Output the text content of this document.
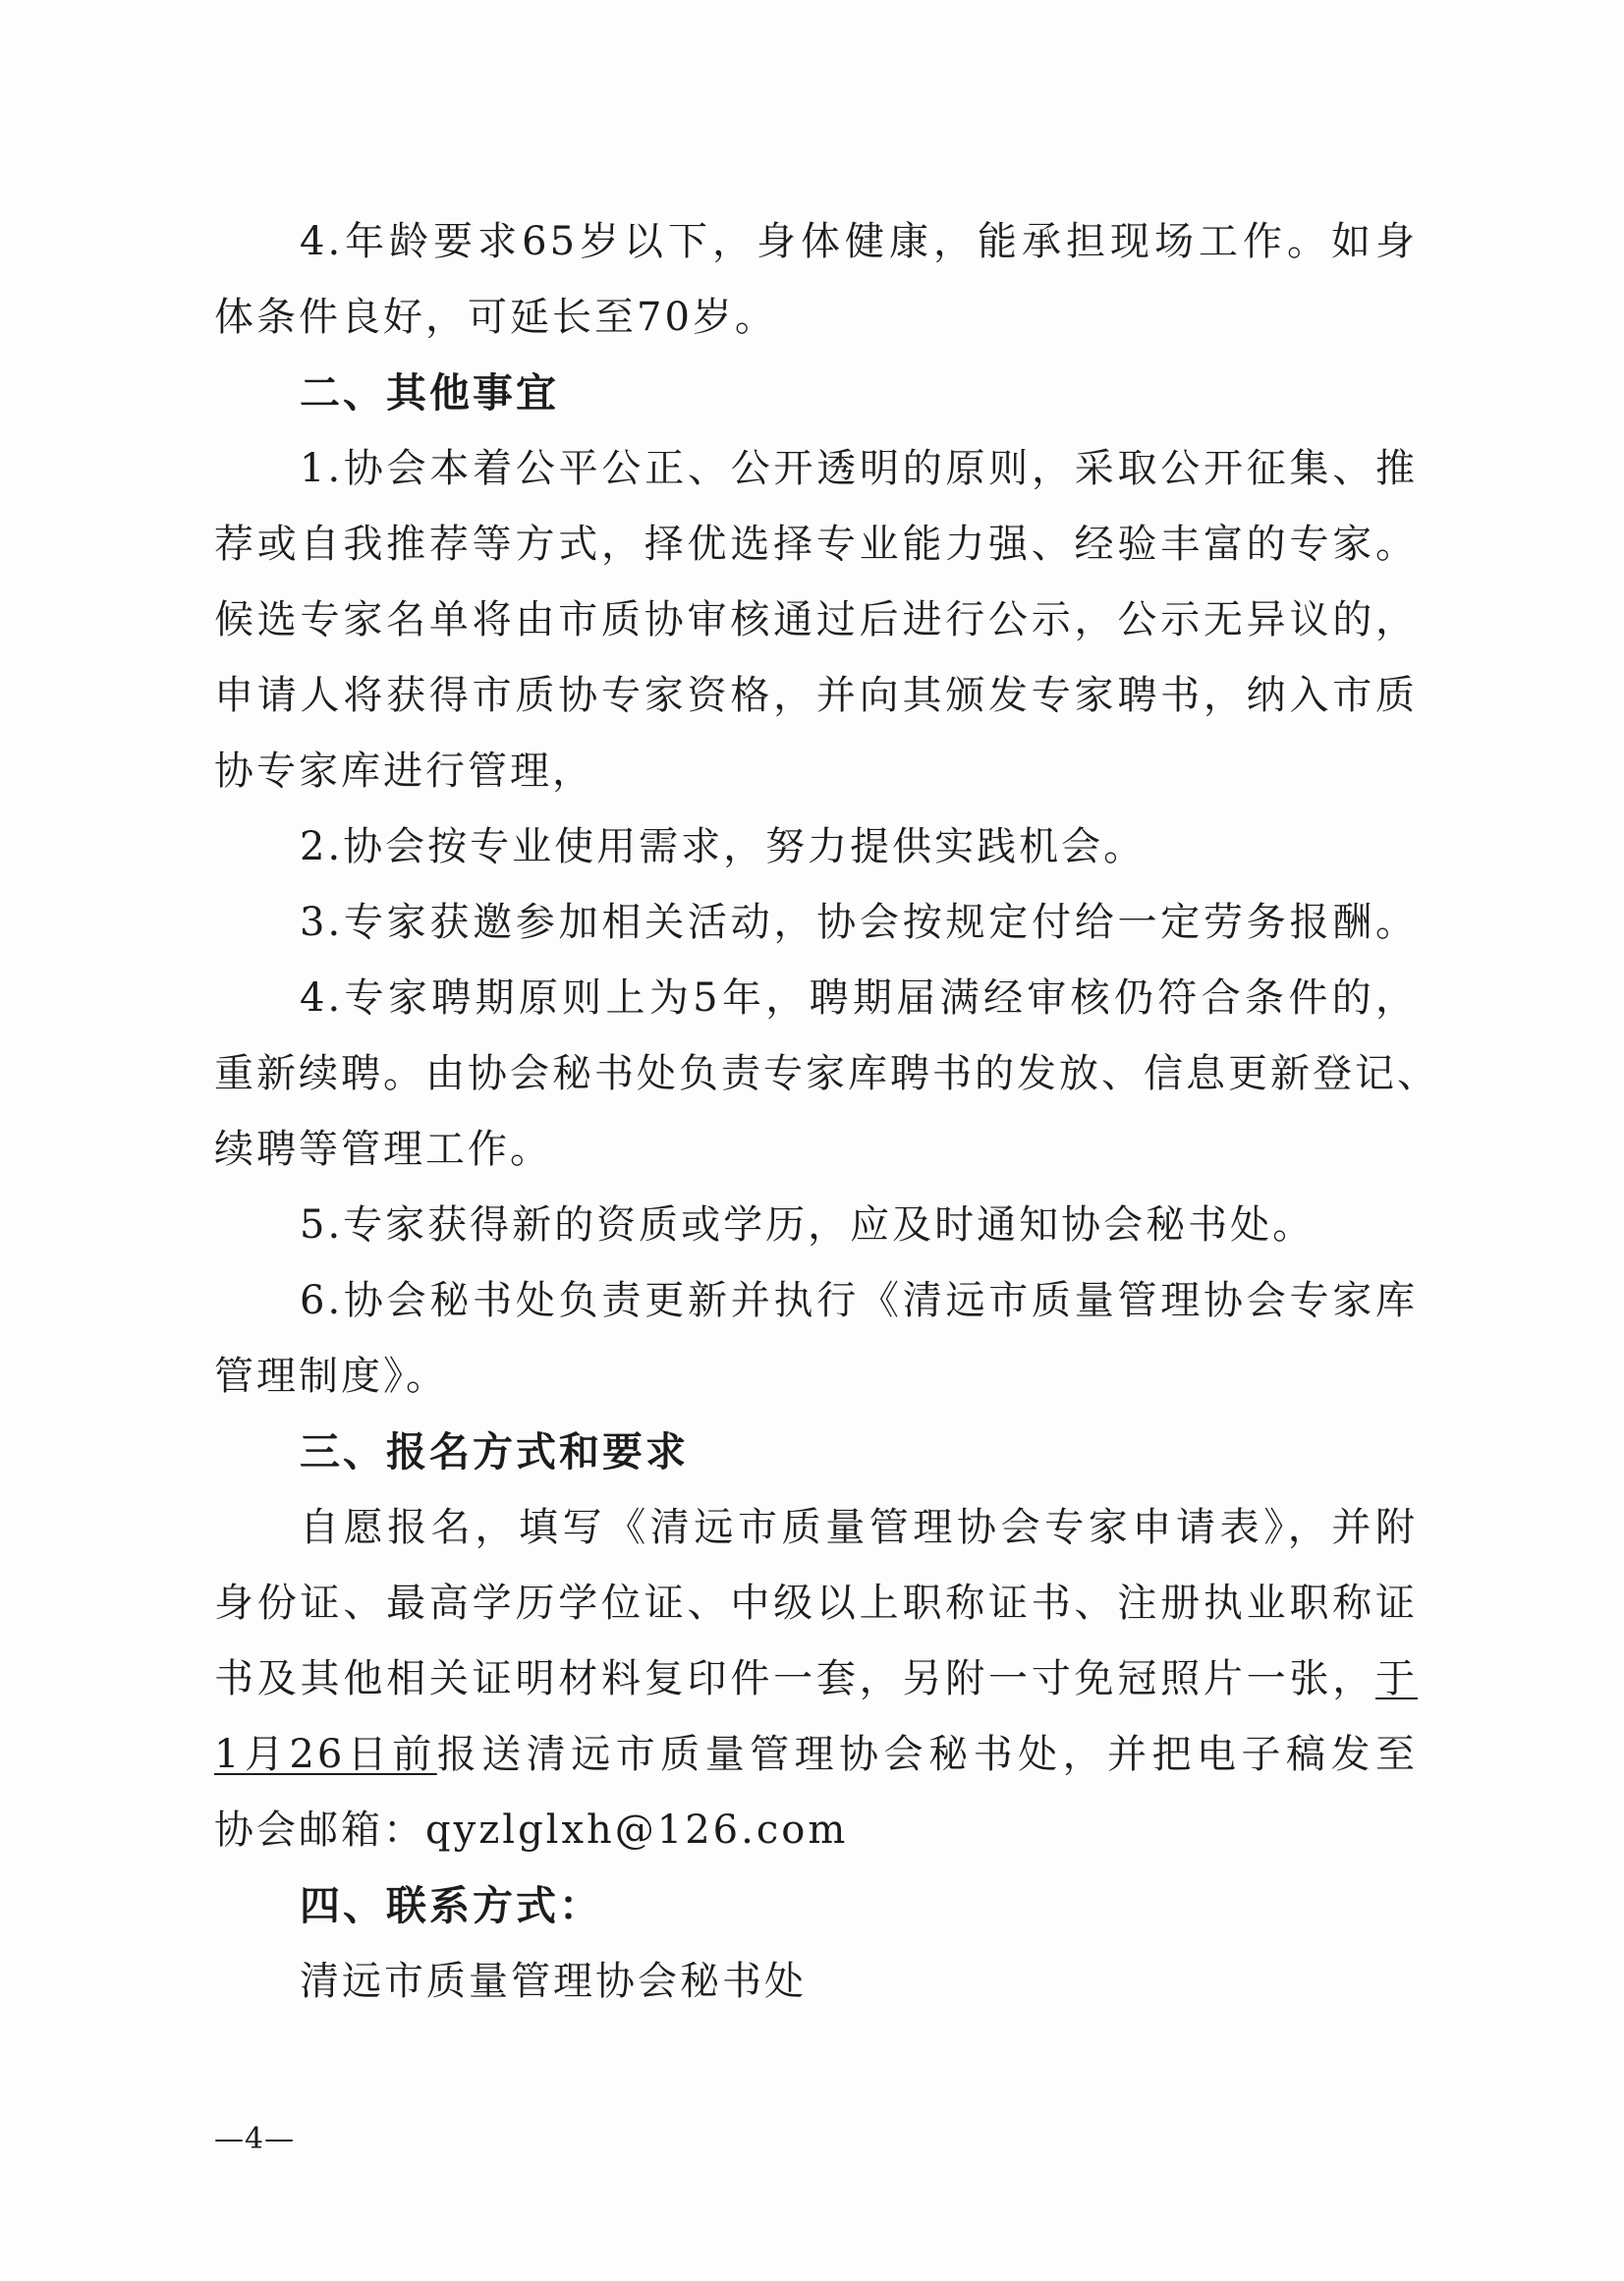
4.年龄要求65岁以下，身体健康，能承担现场工作。如身
体条件良好，可延长至70岁。
二、其他事宜
1.协会本着公平公正、公开透明的原则，采取公开征集、推
荐或自我推荐等方式，择优选择专业能力强、经验丰富的专家。
候选专家名单将由市质协审核通过后进行公示，公示无异议的，
申请人将获得市质协专家资格，并向其颁发专家聘书，纳入市质
协专家库进行管理，
2.协会按专业使用需求，努力提供实践机会。
3.专家获邀参加相关活动，协会按规定付给一定劳务报酬。
4.专家聘期原则上为5年，聘期届满经审核仍符合条件的，
重新续聘。由协会秘书处负责专家库聘书的发放、信息更新登记、
续聘等管理工作。
5.专家获得新的资质或学历，应及时通知协会秘书处。
6.协会秘书处负责更新并执行《清远市质量管理协会专家库
管理制度》。
三、报名方式和要求
自愿报名，填写《清远市质量管理协会专家申请表》，并附
身份证、最高学历学位证、中级以上职称证书、注册执业职称证
书及其他相关证明材料复印件一套，另附一寸免冠照片一张，于
1月26日前报送清远市质量管理协会秘书处，并把电子稿发至
协会邮箱：qyzlglxh@126.com
四、联系方式：
清远市质量管理协会秘书处
—4—
